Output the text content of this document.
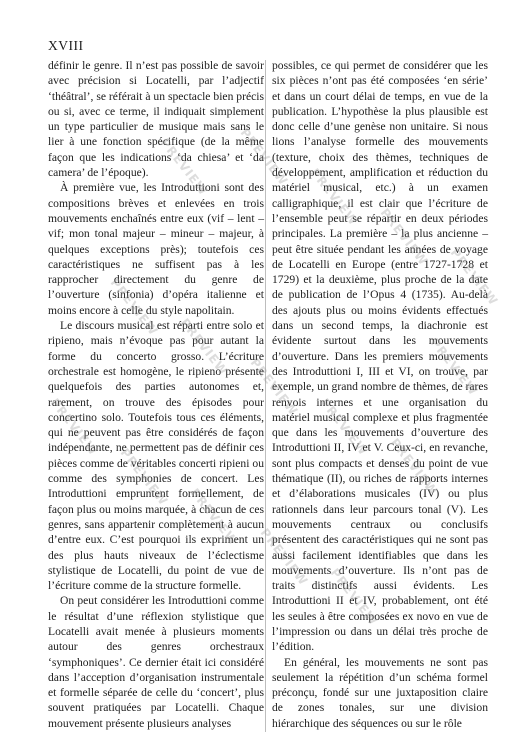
XVIII

définir le genre. Il n’est pas possible de savoir avec précision si Locatelli, par l’adjectif ‘théâtral’, se référait à un spectacle bien précis ou si, avec ce terme, il indiquait simplement un type particulier de musique mais sans le lier à une fonction spécifique (de la même façon que les indications ‘da chiesa’ et ‘da camera’ de l’époque).

À première vue, les Introduttioni sont des compositions brèves et enlevées en trois mouvements enchaînés entre eux (vif – lent – vif; mon tonal majeur – mineur – majeur, à quelques exceptions près); toutefois ces caractéristiques ne suffisent pas à les rapprocher directement du genre de l’ouverture (sinfonia) d’opéra italienne et moins encore à celle du style napolitain.

Le discours musical est réparti entre solo et ripieno, mais n’évoque pas pour autant la forme du concerto grosso. L’écriture orchestrale est homogène, le ripieno présente quelquefois des parties autonomes et, rarement, on trouve des épisodes pour concertino solo. Toutefois tous ces éléments, qui ne peuvent pas être considérés de façon indépendante, ne permettent pas de définir ces pièces comme de véritables concerti ripieni ou comme des symphonies de concert. Les Introduttioni empruntent formellement, de façon plus ou moins marquée, à chacun de ces genres, sans appartenir complètement à aucun d’entre eux. C’est pourquoi ils expriment un des plus hauts niveaux de l’éclectisme stylistique de Locatelli, du point de vue de l’écriture comme de la structure formelle.

On peut considérer les Introduttioni comme le résultat d’une réflexion stylistique que Locatelli avait menée à plusieurs moments autour des genres orchestraux ‘symphoniques’. Ce dernier était ici considéré dans l’acception d’organisation instrumentale et formelle séparée de celle du ‘concert’, plus souvent pratiquées par Locatelli. Chaque mouvement présente plusieurs analyses

possibles, ce qui permet de considérer que les six pièces n’ont pas été composées ‘en série’ et dans un court délai de temps, en vue de la publication. L’hypothèse la plus plausible est donc celle d’une genèse non unitaire. Si nous lions l’analyse formelle des mouvements (texture, choix des thèmes, techniques de développement, amplification et réduction du matériel musical, etc.) à un examen calligraphique, il est clair que l’écriture de l’ensemble peut se répartir en deux périodes principales. La première – la plus ancienne – peut être située pendant les années de voyage de Locatelli en Europe (entre 1727-1728 et 1729) et la deuxième, plus proche de la date de publication de l’Opus 4 (1735). Au-delà des ajouts plus ou moins évidents effectués dans un second temps, la diachronie est évidente surtout dans les mouvements d’ouverture. Dans les premiers mouvements des Introduttioni I, III et VI, on trouve, par exemple, un grand nombre de thèmes, de rares renvois internes et une organisation du matériel musical complexe et plus fragmentée que dans les mouvements d’ouverture des Introduttioni II, IV et V. Ceux-ci, en revanche, sont plus compacts et denses du point de vue thématique (II), ou riches de rapports internes et d’élaborations musicales (IV) ou plus rationnels dans leur parcours tonal (V). Les mouvements centraux ou conclusifs présentent des caractéristiques qui ne sont pas aussi facilement identifiables que dans les mouvements d’ouverture. Ils n’ont pas de traits distinctifs aussi évidents. Les Introduttioni II et IV, probablement, ont été les seules à être composées ex novo en vue de l’impression ou dans un délai très proche de l’édition.

En général, les mouvements ne sont pas seulement la répétition d’un schéma formel préconçu, fondé sur une juxtaposition claire de zones tonales, sur une division hiérarchique des séquences ou sur le rôle

PREVIEW PREVIEW
PREVIEW
PREVIEW
PREVIEW
PREVIEW
PREVIEW
PREVIEW
PREVIEW
PREVIEW
PREVIEW
PREVIEW
PREVIEW
PREVIEW
PREVIEW
PREVIEW
